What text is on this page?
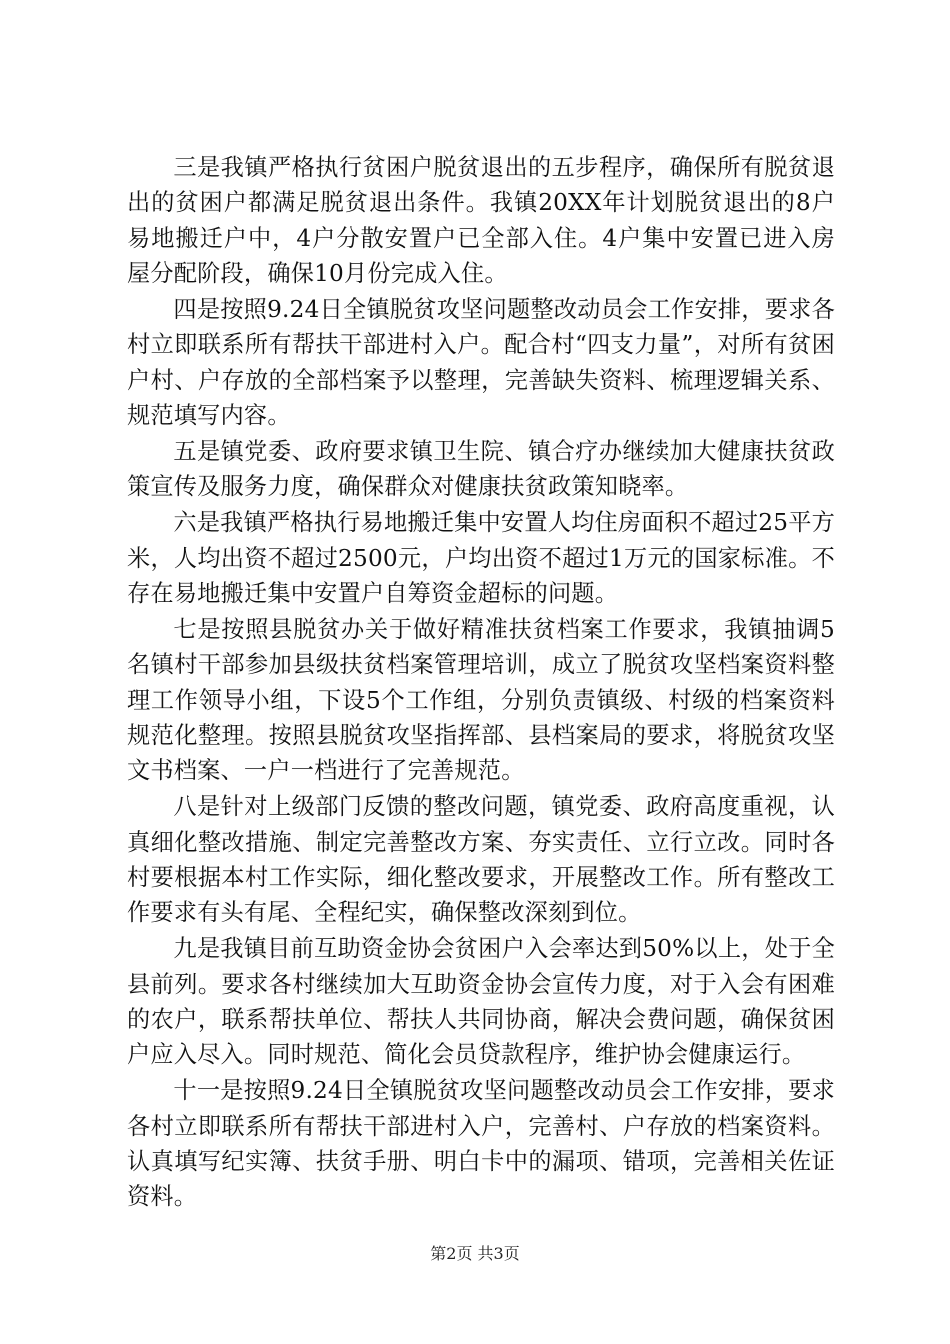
三是我镇严格执行贫困户脱贫退出的五步程序，确保所有脱贫退出的贫困户都满足脱贫退出条件。我镇20XX年计划脱贫退出的8户易地搬迁户中，4户分散安置户已全部入住。4户集中安置已进入房屋分配阶段，确保10月份完成入住。

四是按照9.24日全镇脱贫攻坚问题整改动员会工作安排，要求各村立即联系所有帮扶干部进村入户。配合村“四支力量”，对所有贫困户村、户存放的全部档案予以整理，完善缺失资料、梳理逻辑关系、规范填写内容。

五是镇党委、政府要求镇卫生院、镇合疗办继续加大健康扶贫政策宣传及服务力度，确保群众对健康扶贫政策知晓率。

六是我镇严格执行易地搬迁集中安置人均住房面积不超过25平方米，人均出资不超过2500元，户均出资不超过1万元的国家标准。不存在易地搬迁集中安置户自筹资金超标的问题。

七是按照县脱贫办关于做好精准扶贫档案工作要求，我镇抽调5名镇村干部参加县级扶贫档案管理培训，成立了脱贫攻坚档案资料整理工作领导小组，下设5个工作组，分别负责镇级、村级的档案资料规范化整理。按照县脱贫攻坚指挥部、县档案局的要求，将脱贫攻坚文书档案、一户一档进行了完善规范。

八是针对上级部门反馈的整改问题，镇党委、政府高度重视，认真细化整改措施、制定完善整改方案、夯实责任、立行立改。同时各村要根据本村工作实际，细化整改要求，开展整改工作。所有整改工作要求有头有尾、全程纪实，确保整改深刻到位。

九是我镇目前互助资金协会贫困户入会率达到50%以上，处于全县前列。要求各村继续加大互助资金协会宣传力度，对于入会有困难的农户，联系帮扶单位、帮扶人共同协商，解决会费问题，确保贫困户应入尽入。同时规范、简化会员贷款程序，维护协会健康运行。

十一是按照9.24日全镇脱贫攻坚问题整改动员会工作安排，要求各村立即联系所有帮扶干部进村入户，完善村、户存放的档案资料。认真填写纪实簿、扶贫手册、明白卡中的漏项、错项，完善相关佐证资料。

第2页 共3页
